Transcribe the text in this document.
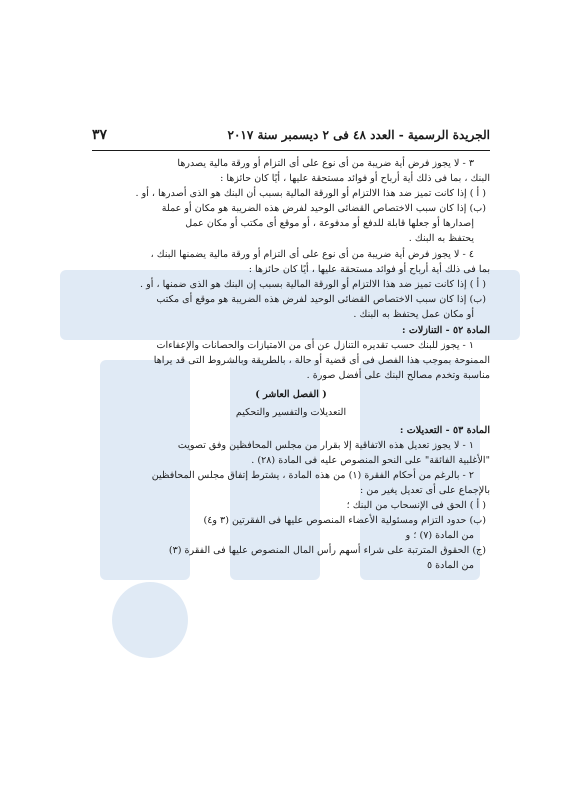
الجريدة الرسمية - العدد ٤٨ فى ٢ ديسمبر سنة ٢٠١٧
٣٧

٣ - لا يجوز فرض أية ضريبة من أى نوع على أى التزام أو ورقة مالية يصدرها

البنك ، بما فى ذلك أية أرباح أو فوائد مستحقة عليها ، أيًا كان حائزها :

( أ ) إذا كانت تميز ضد هذا الالتزام أو الورقة المالية بسبب أن البنك هو الذى أصدرها ، أو .

(ب) إذا كان سبب الاختصاص القضائى الوحيد لفرض هذه الضريبة هو مكان أو عملة

إصدارها أو جعلها قابلة للدفع أو مدفوعة ، أو موقع أى مكتب أو مكان عمل

يحتفظ به البنك .

٤ - لا يجوز فرض أية ضريبة من أى نوع على أى التزام أو ورقة مالية يضمنها البنك ،

بما فى ذلك أية أرباح أو فوائد مستحقة عليها ، أيًا كان حائزها :

( أ ) إذا كانت تميز ضد هذا الالتزام أو الورقة المالية بسبب إن البنك هو الذى ضمنها ، أو .

(ب) إذا كان سبب الاختصاص القضائى الوحيد لفرض هذه الضريبة هو موقع أى مكتب

أو مكان عمل يحتفظ به البنك .

المادة ٥٢ - التنازلات :

١ - يجوز للبنك حسب تقديره التنازل عن أى من الامتيازات والحصانات والإعفاءات

الممنوحة بموجب هذا الفصل فى أى قضية أو حالة ، بالطريقة وبالشروط التى قد يراها

مناسبة وتخدم مصالح البنك على أفضل صورة .

( الفصل العاشر )

التعديلات والتفسير والتحكيم

المادة ٥٣ - التعديلات :

١ - لا يجوز تعديل هذه الاتفاقية إلا بقرار من مجلس المحافظين وفق تصويت

"الأغلبية الفائقة" على النحو المنصوص عليه فى المادة (٢٨) .

٢ - بالرغم من أحكام الفقرة (١) من هذه المادة ، يشترط إتفاق مجلس المحافظين

بالإجماع على أى تعديل يغير من :

( أ ) الحق فى الإنسحاب من البنك ؛

(ب) حدود التزام ومسئولية الأعضاء المنصوص عليها فى الفقرتين (٣ و٤)

من المادة (٧) ؛ و

(ج) الحقوق المترتبة على شراء أسهم رأس المال المنصوص عليها فى الفقرة (٣)

من المادة ٥
